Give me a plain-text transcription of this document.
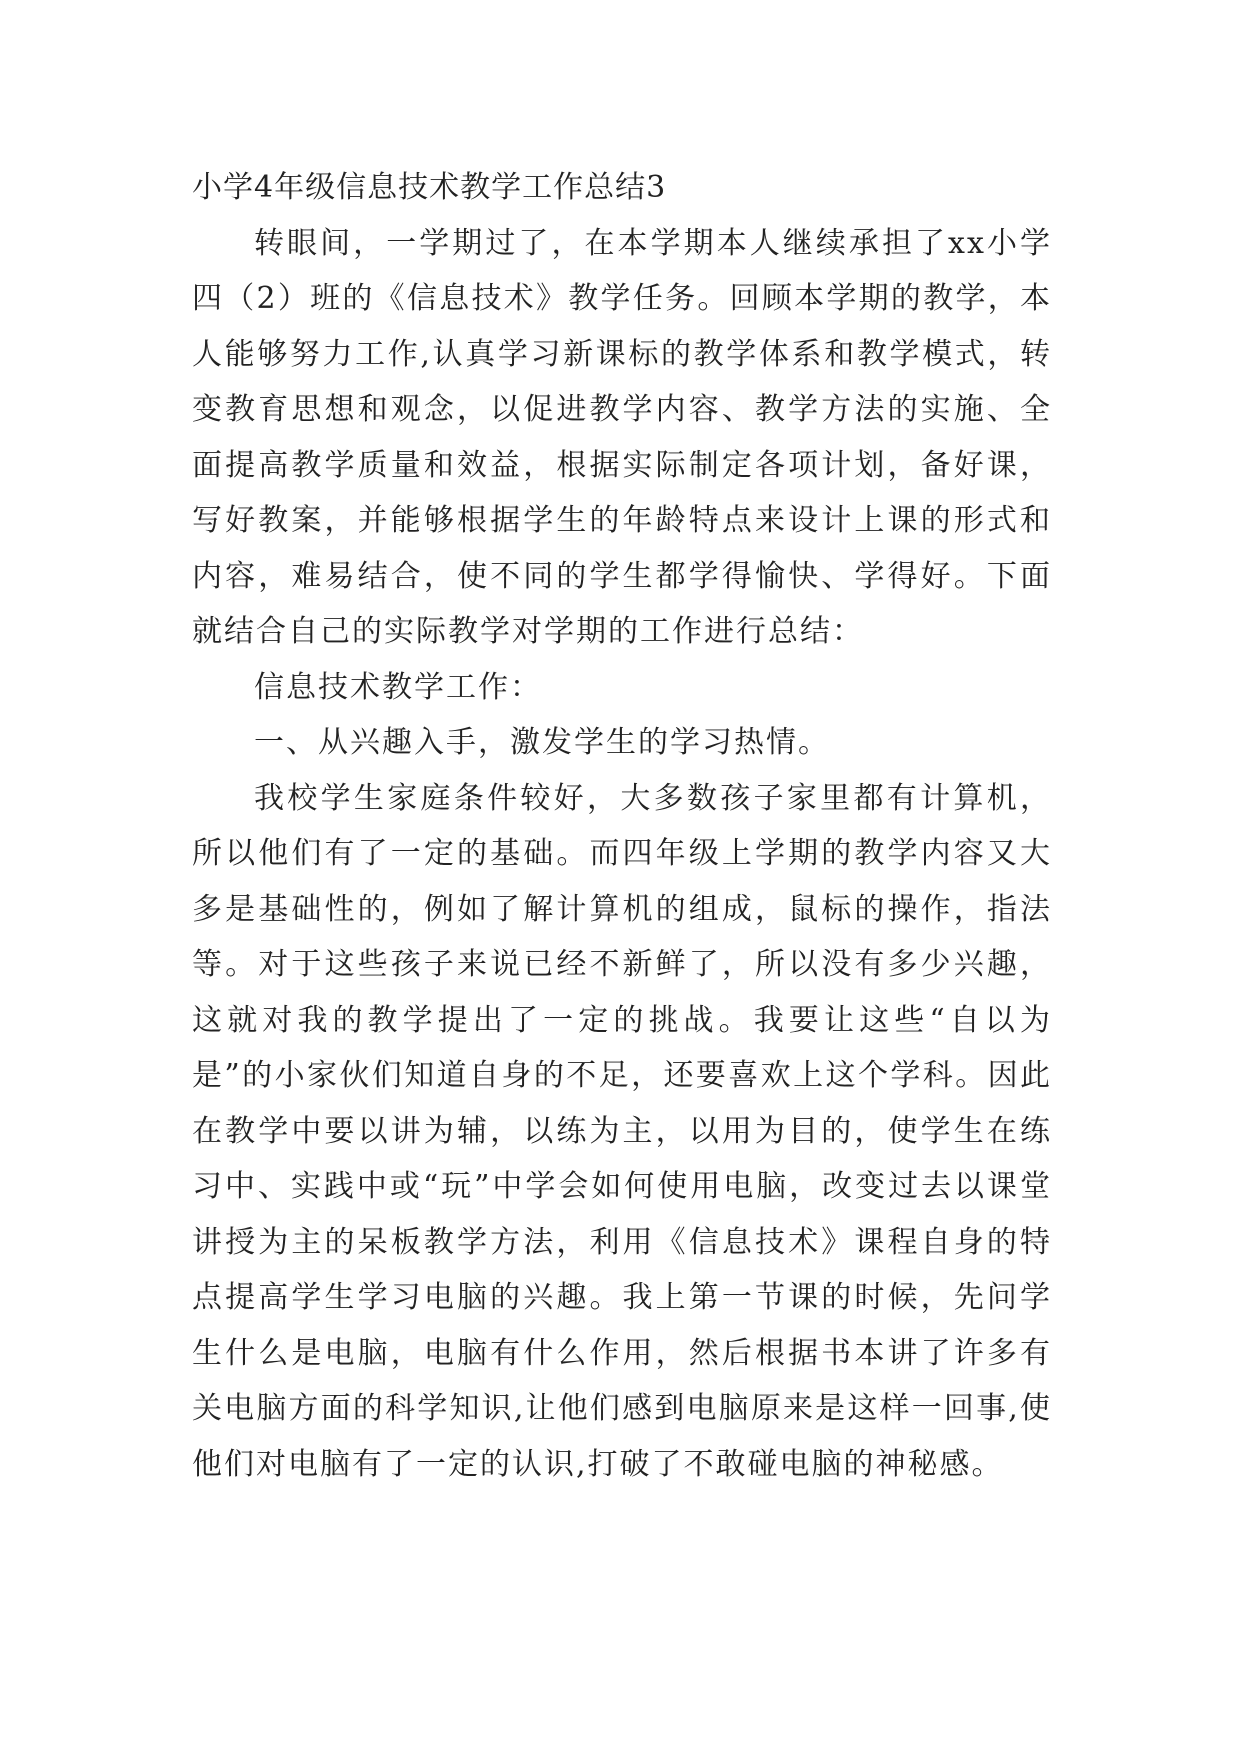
小学4年级信息技术教学工作总结3

转眼间，一学期过了，在本学期本人继续承担了xx小学四（2）班的《信息技术》教学任务。回顾本学期的教学，本人能够努力工作,认真学习新课标的教学体系和教学模式，转变教育思想和观念，以促进教学内容、教学方法的实施、全面提高教学质量和效益，根据实际制定各项计划，备好课，写好教案，并能够根据学生的年龄特点来设计上课的形式和内容，难易结合，使不同的学生都学得愉快、学得好。下面就结合自己的实际教学对学期的工作进行总结：

信息技术教学工作：

一、从兴趣入手，激发学生的学习热情。

我校学生家庭条件较好，大多数孩子家里都有计算机，所以他们有了一定的基础。而四年级上学期的教学内容又大多是基础性的，例如了解计算机的组成，鼠标的操作，指法等。对于这些孩子来说已经不新鲜了，所以没有多少兴趣，这就对我的教学提出了一定的挑战。我要让这些“自以为是”的小家伙们知道自身的不足，还要喜欢上这个学科。因此在教学中要以讲为辅，以练为主，以用为目的，使学生在练习中、实践中或“玩”中学会如何使用电脑，改变过去以课堂讲授为主的呆板教学方法，利用《信息技术》课程自身的特点提高学生学习电脑的兴趣。我上第一节课的时候，先问学生什么是电脑，电脑有什么作用，然后根据书本讲了许多有关电脑方面的科学知识,让他们感到电脑原来是这样一回事,使他们对电脑有了一定的认识,打破了不敢碰电脑的神秘感。
